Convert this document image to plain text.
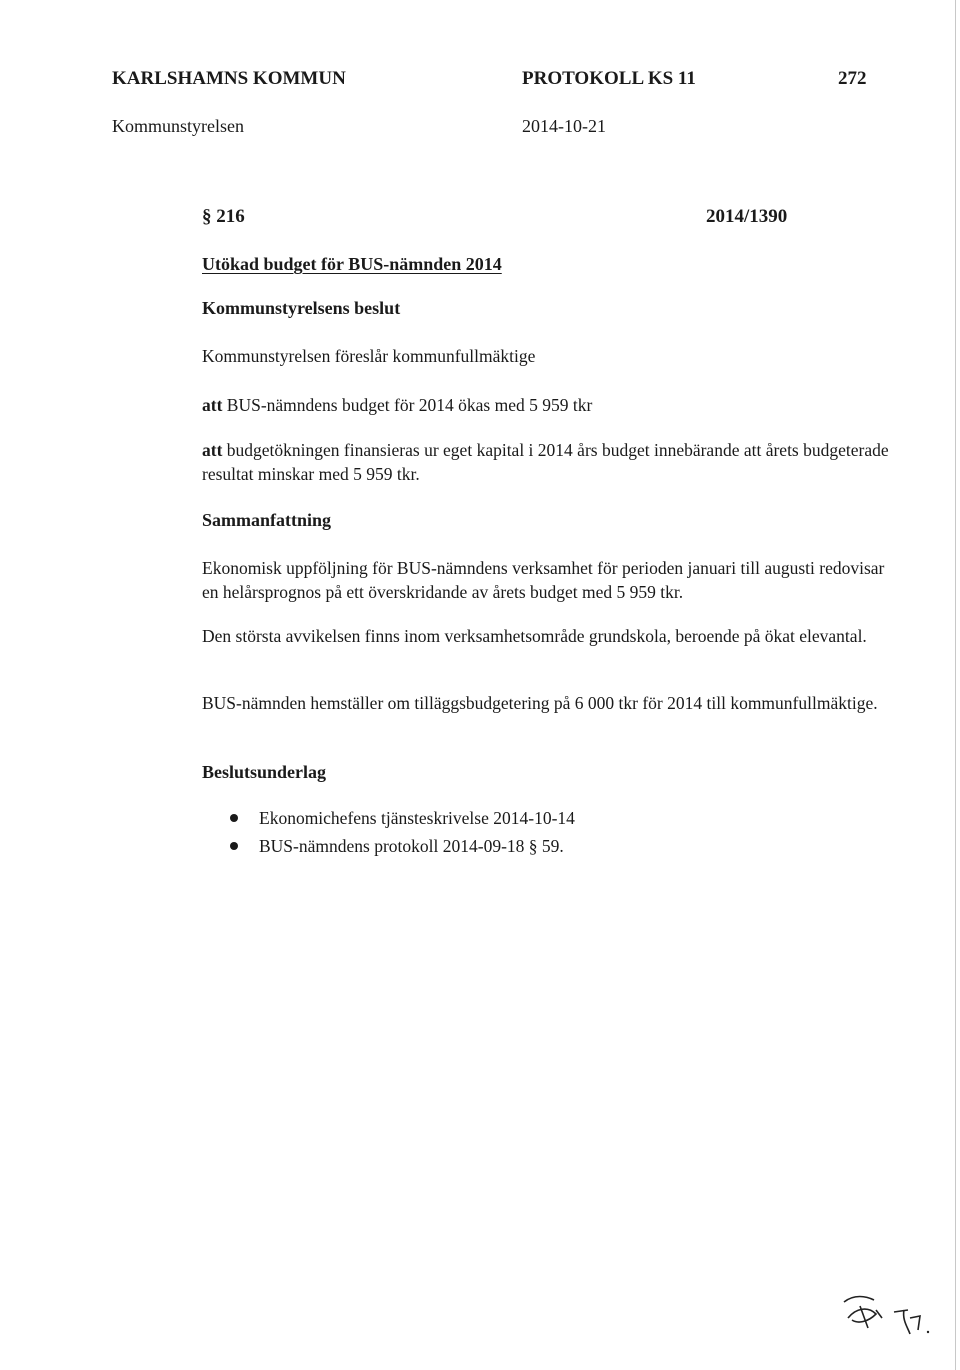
KARLSHAMNS KOMMUN	PROTOKOLL KS 11	272
Kommunstyrelsen	2014-10-21
§ 216	2014/1390
Utökad budget för BUS-nämnden 2014
Kommunstyrelsens beslut
Kommunstyrelsen föreslår kommunfullmäktige
att BUS-nämndens budget för 2014 ökas med 5 959 tkr
att budgetökningen finansieras ur eget kapital i 2014 års budget innebärande att årets budgeterade resultat minskar med 5 959 tkr.
Sammanfattning
Ekonomisk uppföljning för BUS-nämndens verksamhet för perioden januari till augusti redovisar en helårsprognos på ett överskridande av årets budget med 5 959 tkr.
Den största avvikelsen finns inom verksamhetsområde grundskola, beroende på ökat elevantal.
BUS-nämnden hemställer om tilläggsbudgetering på 6 000 tkr för 2014 till kommunfullmäktige.
Beslutsunderlag
Ekonomichefens tjänsteskrivelse 2014-10-14
BUS-nämndens protokoll 2014-09-18 § 59.
